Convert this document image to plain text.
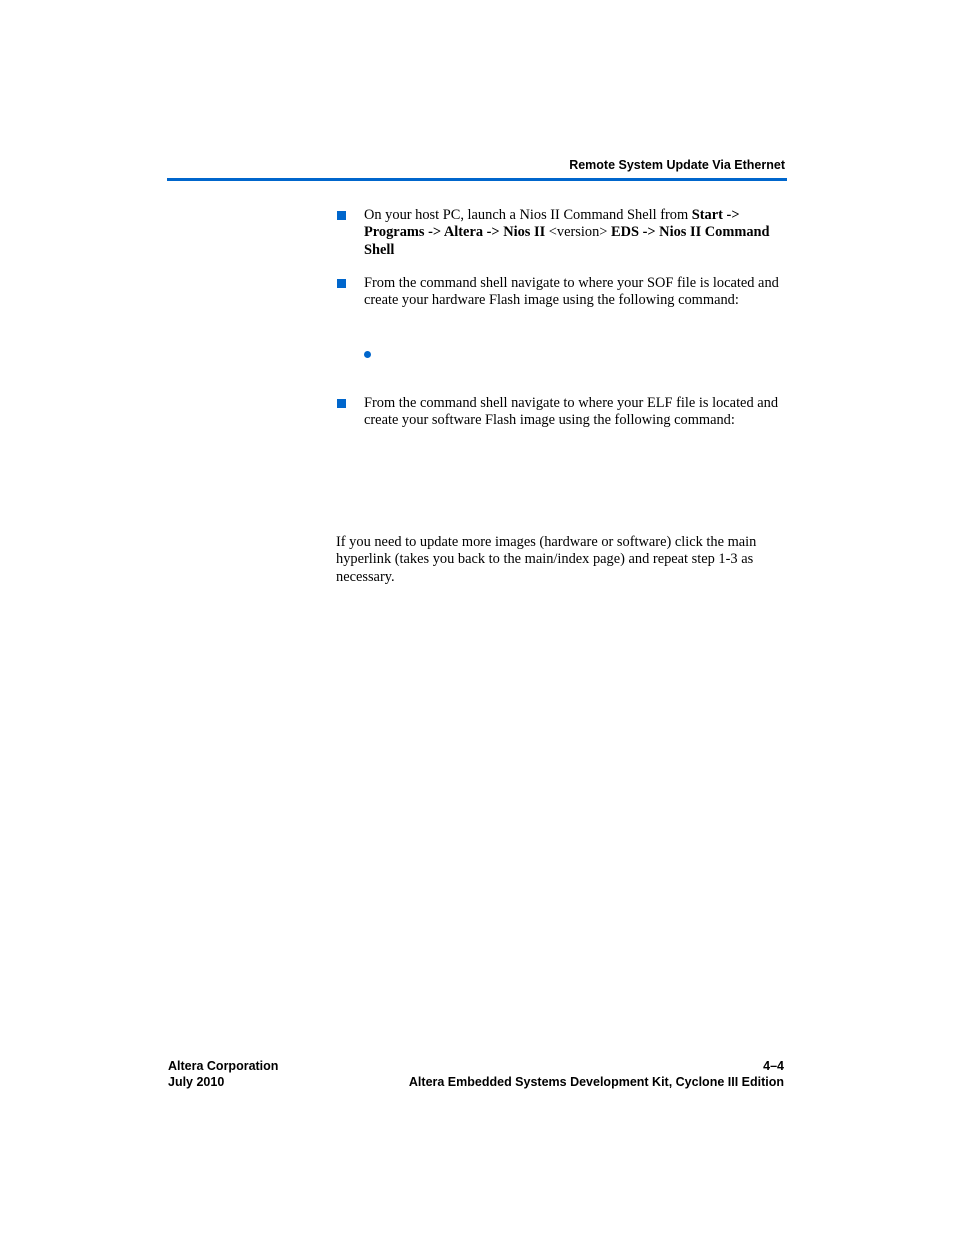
Remote System Update Via Ethernet
On your host PC, launch a Nios II Command Shell from Start -> Programs -> Altera -> Nios II <version> EDS -> Nios II Command Shell
From the command shell navigate to where your SOF file is located and create your hardware Flash image using the following command:
From the command shell navigate to where your ELF file is located and create your software Flash image using the following command:
If you need to update more images (hardware or software) click the main hyperlink (takes you back to the main/index page) and repeat step 1-3 as necessary.
Altera Corporation
July 2010
4–4
Altera Embedded Systems Development Kit, Cyclone III Edition
